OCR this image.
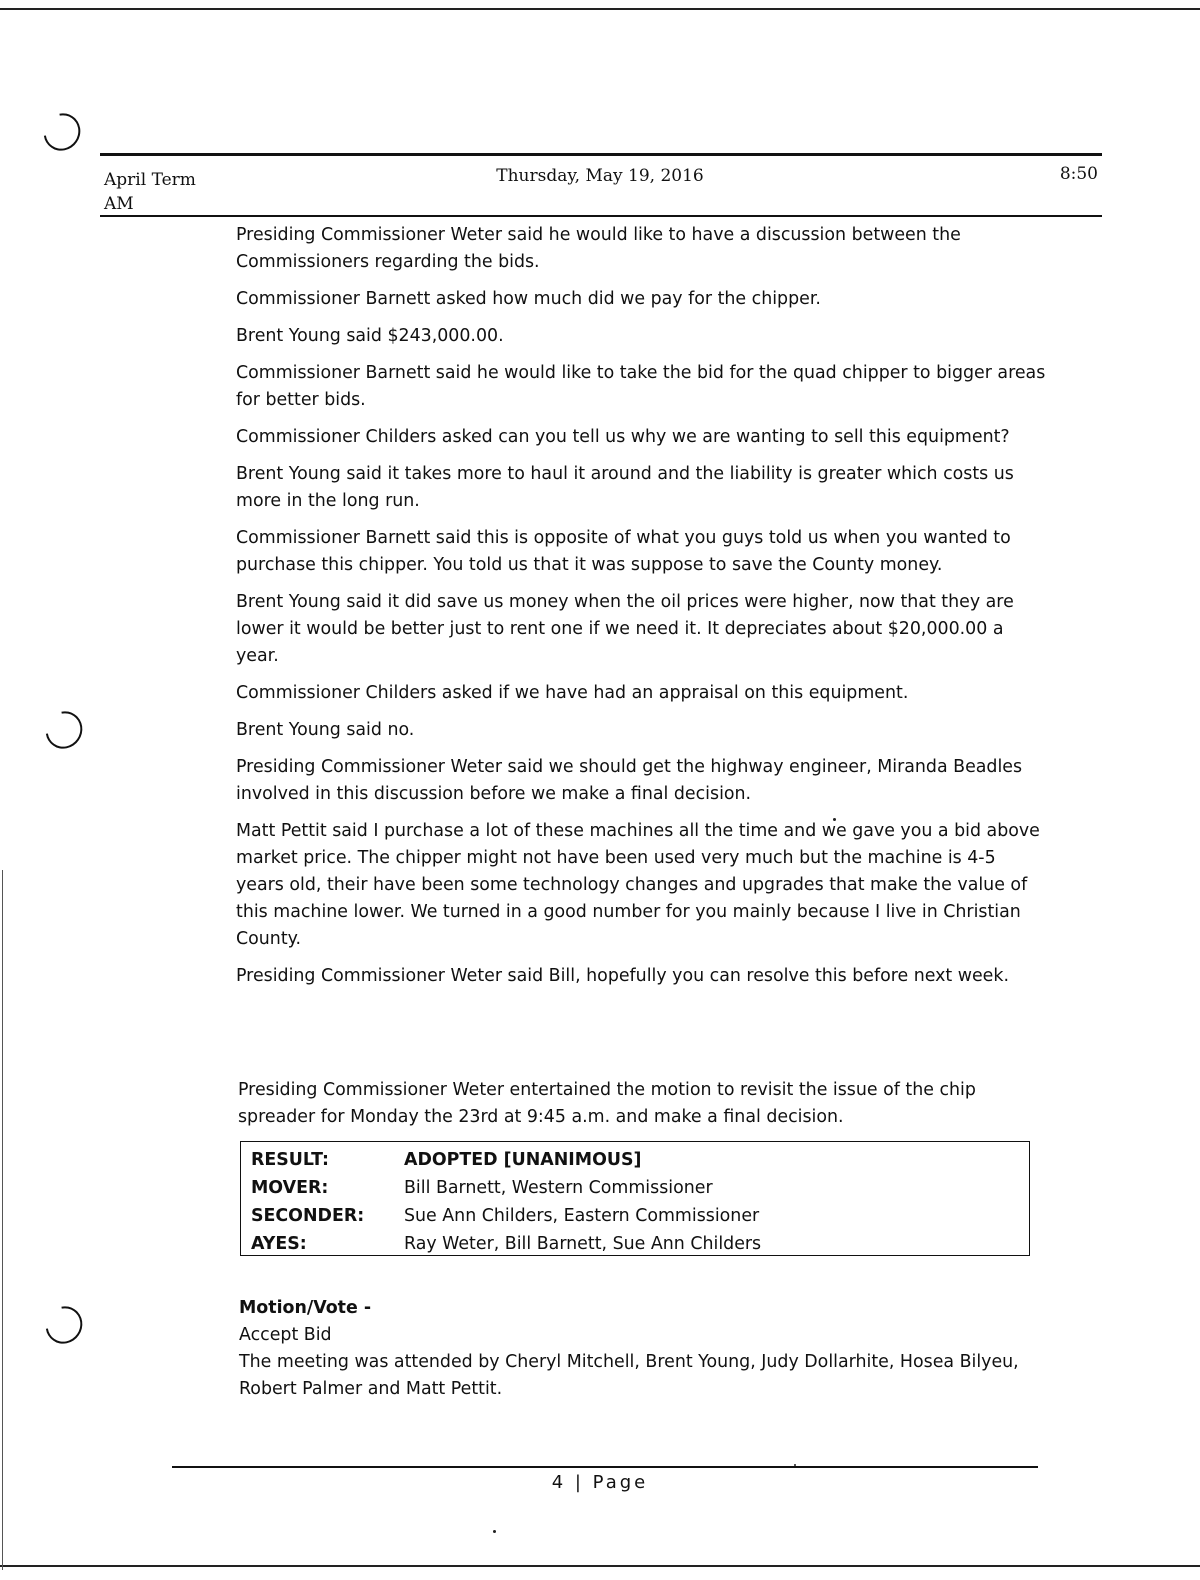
April Term
AM
Thursday, May 19, 2016	8:50

Presiding Commissioner Weter said he would like to have a discussion between the Commissioners regarding the bids.

Commissioner Barnett asked how much did we pay for the chipper.

Brent Young said $243,000.00.

Commissioner Barnett said he would like to take the bid for the quad chipper to bigger areas for better bids.

Commissioner Childers asked can you tell us why we are wanting to sell this equipment?

Brent Young said it takes more to haul it around and the liability is greater which costs us more in the long run.

Commissioner Barnett said this is opposite of what you guys told us when you wanted to purchase this chipper. You told us that it was suppose to save the County money.

Brent Young said it did save us money when the oil prices were higher, now that they are lower it would be better just to rent one if we need it. It depreciates about $20,000.00 a year.

Commissioner Childers asked if we have had an appraisal on this equipment.

Brent Young said no.

Presiding Commissioner Weter said we should get the highway engineer, Miranda Beadles involved in this discussion before we make a final decision.

Matt Pettit said I purchase a lot of these machines all the time and we gave you a bid above market price. The chipper might not have been used very much but the machine is 4-5 years old, their have been some technology changes and upgrades that make the value of this machine lower. We turned in a good number for you mainly because I live in Christian County.

Presiding Commissioner Weter said Bill, hopefully you can resolve this before next week.

Presiding Commissioner Weter entertained the motion to revisit the issue of the chip spreader for Monday the 23rd at 9:45 a.m. and make a final decision.

RESULT:	ADOPTED [UNANIMOUS]
MOVER:	Bill Barnett, Western Commissioner
SECONDER: Sue Ann Childers, Eastern Commissioner
AYES:	Ray Weter, Bill Barnett, Sue Ann Childers

Motion/Vote -

Accept Bid

The meeting was attended by Cheryl Mitchell, Brent Young, Judy Dollarhite, Hosea Bilyeu, Robert Palmer and Matt Pettit.

4 | Page
